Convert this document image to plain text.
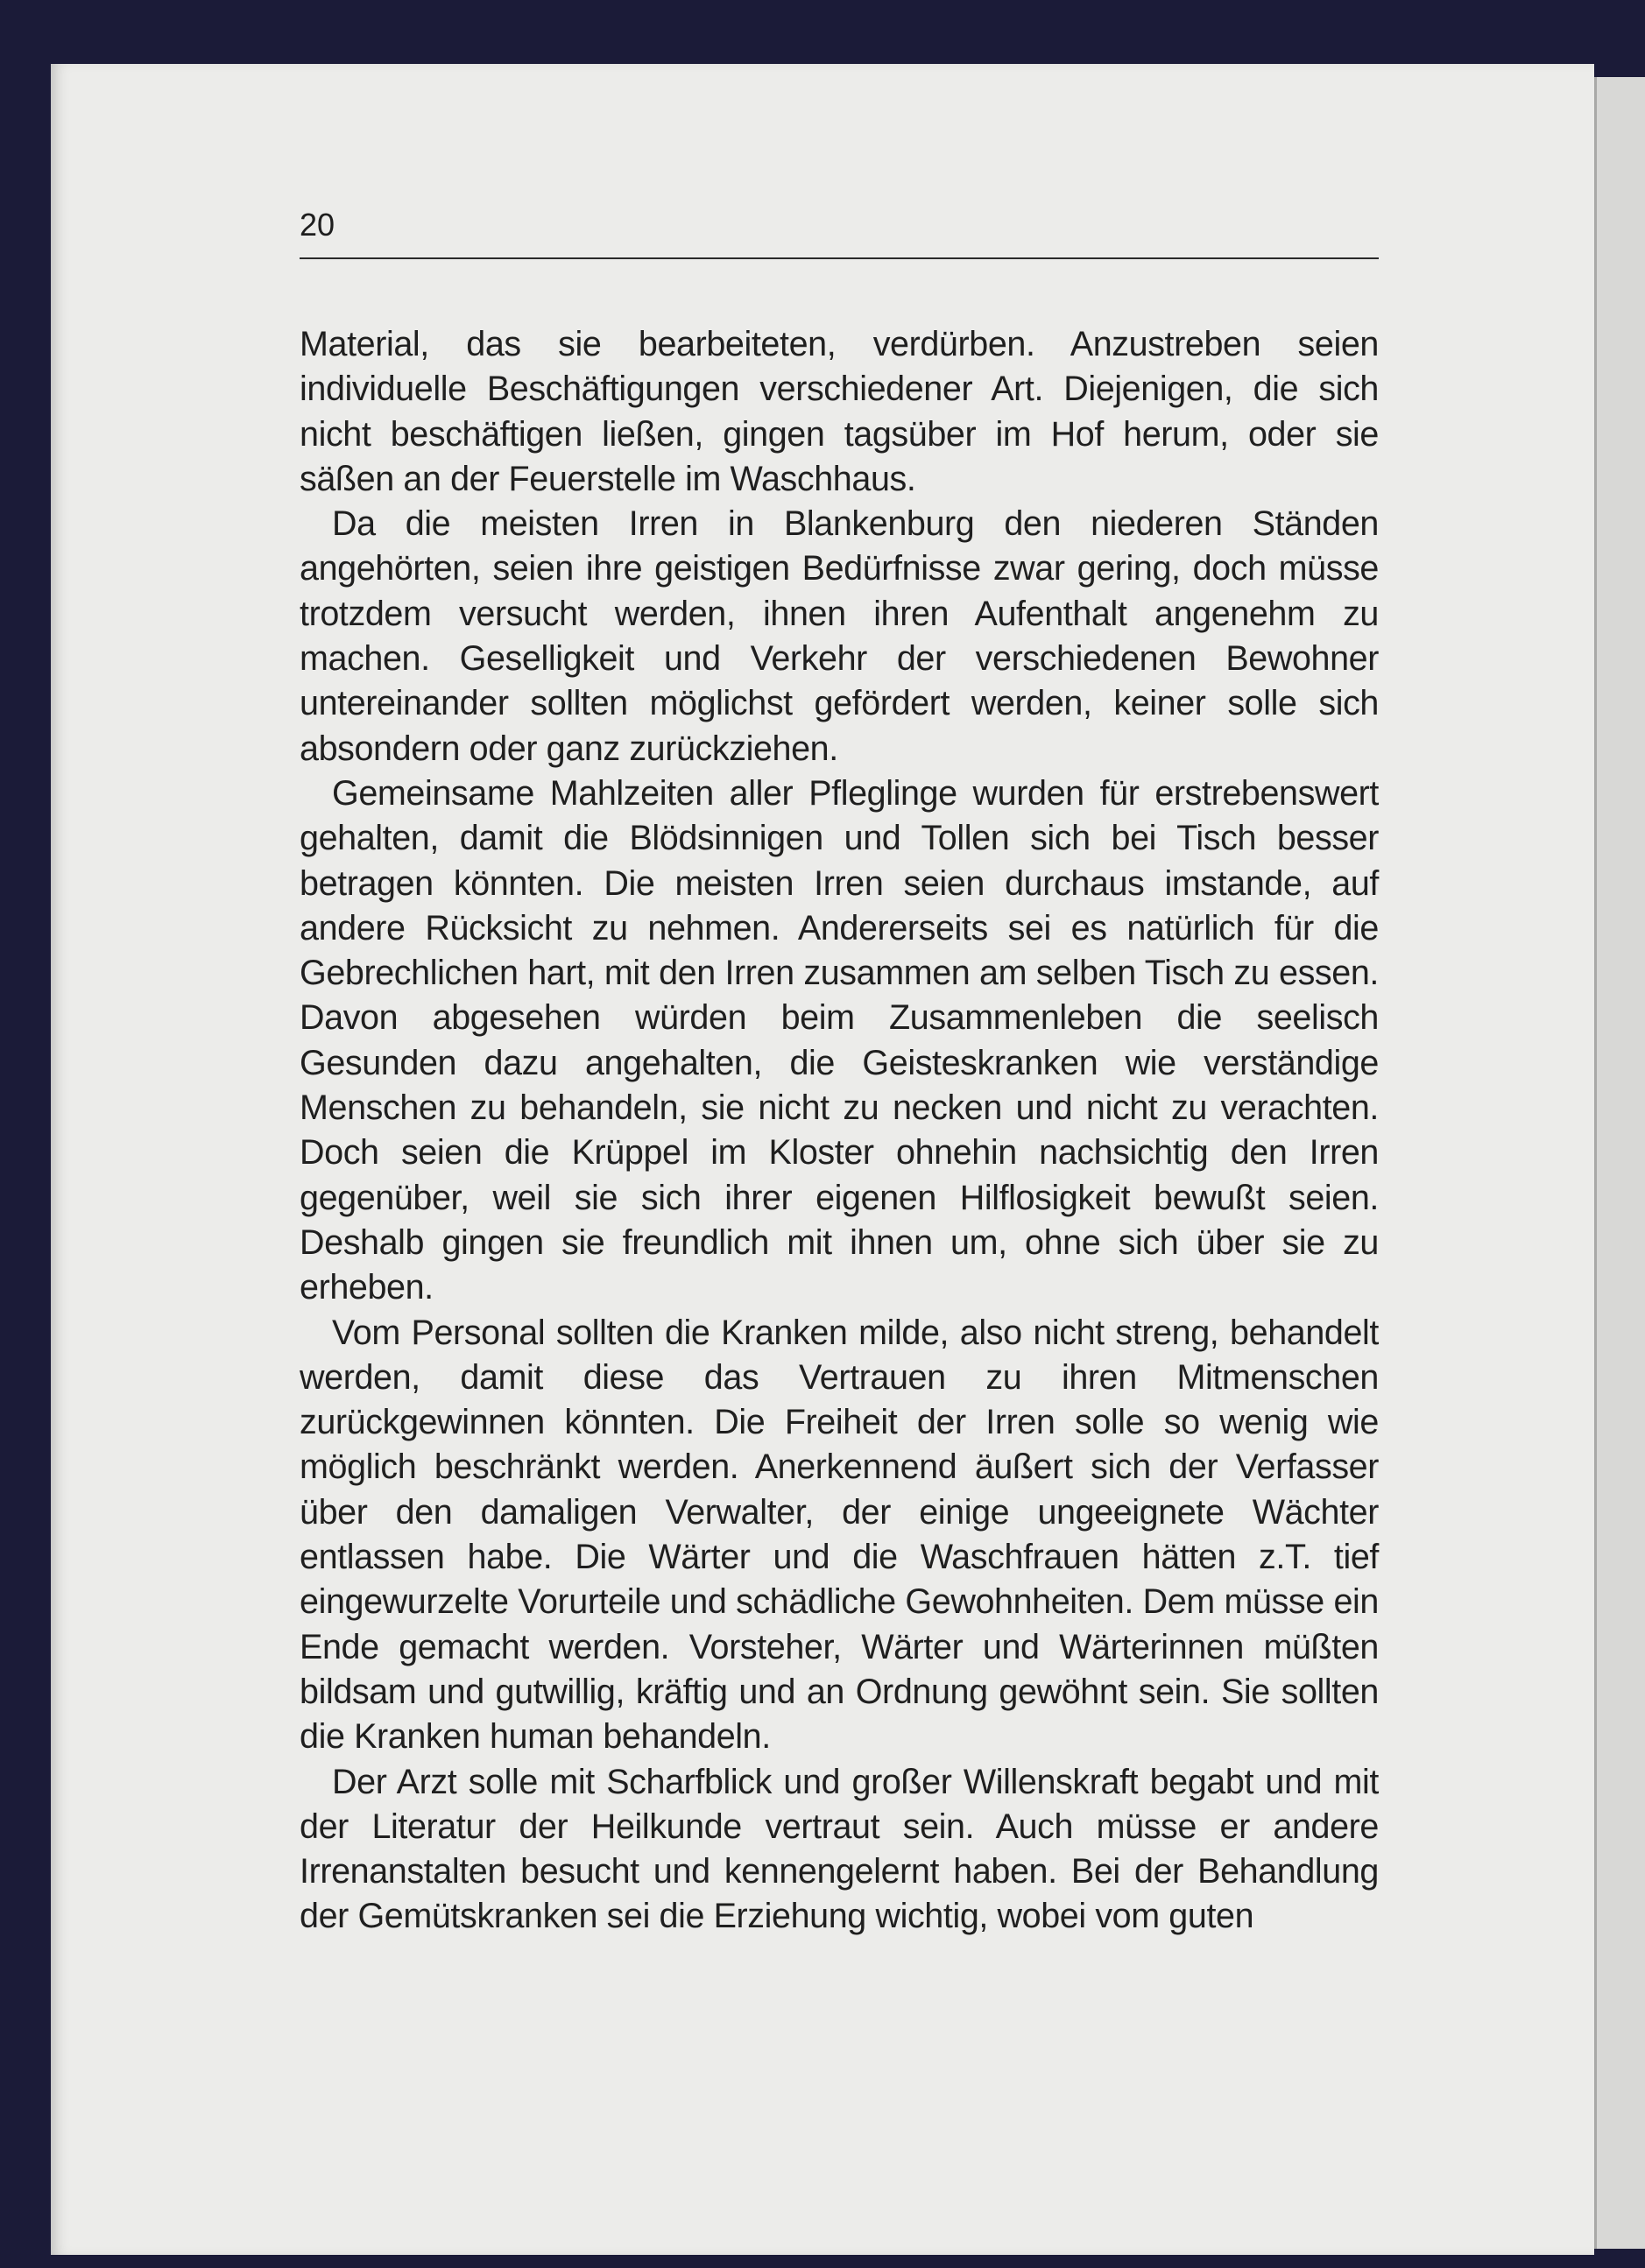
20

Material, das sie bearbeiteten, verdürben. Anzustreben seien individuelle Beschäftigungen verschiedener Art. Diejenigen, die sich nicht beschäftigen ließen, gingen tagsüber im Hof herum, oder sie säßen an der Feuerstelle im Waschhaus.

Da die meisten Irren in Blankenburg den niederen Ständen angehörten, seien ihre geistigen Bedürfnisse zwar gering, doch müsse trotzdem versucht werden, ihnen ihren Aufenthalt angenehm zu machen. Geselligkeit und Verkehr der verschiedenen Bewohner untereinander sollten möglichst gefördert werden, keiner solle sich absondern oder ganz zurückziehen.

Gemeinsame Mahlzeiten aller Pfleglinge wurden für erstrebenswert gehalten, damit die Blödsinnigen und Tollen sich bei Tisch besser betragen könnten. Die meisten Irren seien durchaus imstande, auf andere Rücksicht zu nehmen. Andererseits sei es natürlich für die Gebrechlichen hart, mit den Irren zusammen am selben Tisch zu essen. Davon abgesehen würden beim Zusammenleben die seelisch Gesunden dazu angehalten, die Geisteskranken wie verständige Menschen zu behandeln, sie nicht zu necken und nicht zu verachten. Doch seien die Krüppel im Kloster ohnehin nachsichtig den Irren gegenüber, weil sie sich ihrer eigenen Hilflosigkeit bewußt seien. Deshalb gingen sie freundlich mit ihnen um, ohne sich über sie zu erheben.

Vom Personal sollten die Kranken milde, also nicht streng, behandelt werden, damit diese das Vertrauen zu ihren Mitmenschen zurückgewinnen könnten. Die Freiheit der Irren solle so wenig wie möglich beschränkt werden. Anerkennend äußert sich der Verfasser über den damaligen Verwalter, der einige ungeeignete Wächter entlassen habe. Die Wärter und die Waschfrauen hätten z.T. tief eingewurzelte Vorurteile und schädliche Gewohnheiten. Dem müsse ein Ende gemacht werden. Vorsteher, Wärter und Wärterinnen müßten bildsam und gutwillig, kräftig und an Ordnung gewöhnt sein. Sie sollten die Kranken human behandeln.

Der Arzt solle mit Scharfblick und großer Willenskraft begabt und mit der Literatur der Heilkunde vertraut sein. Auch müsse er andere Irrenanstalten besucht und kennengelernt haben. Bei der Behandlung der Gemütskranken sei die Erziehung wichtig, wobei vom guten
